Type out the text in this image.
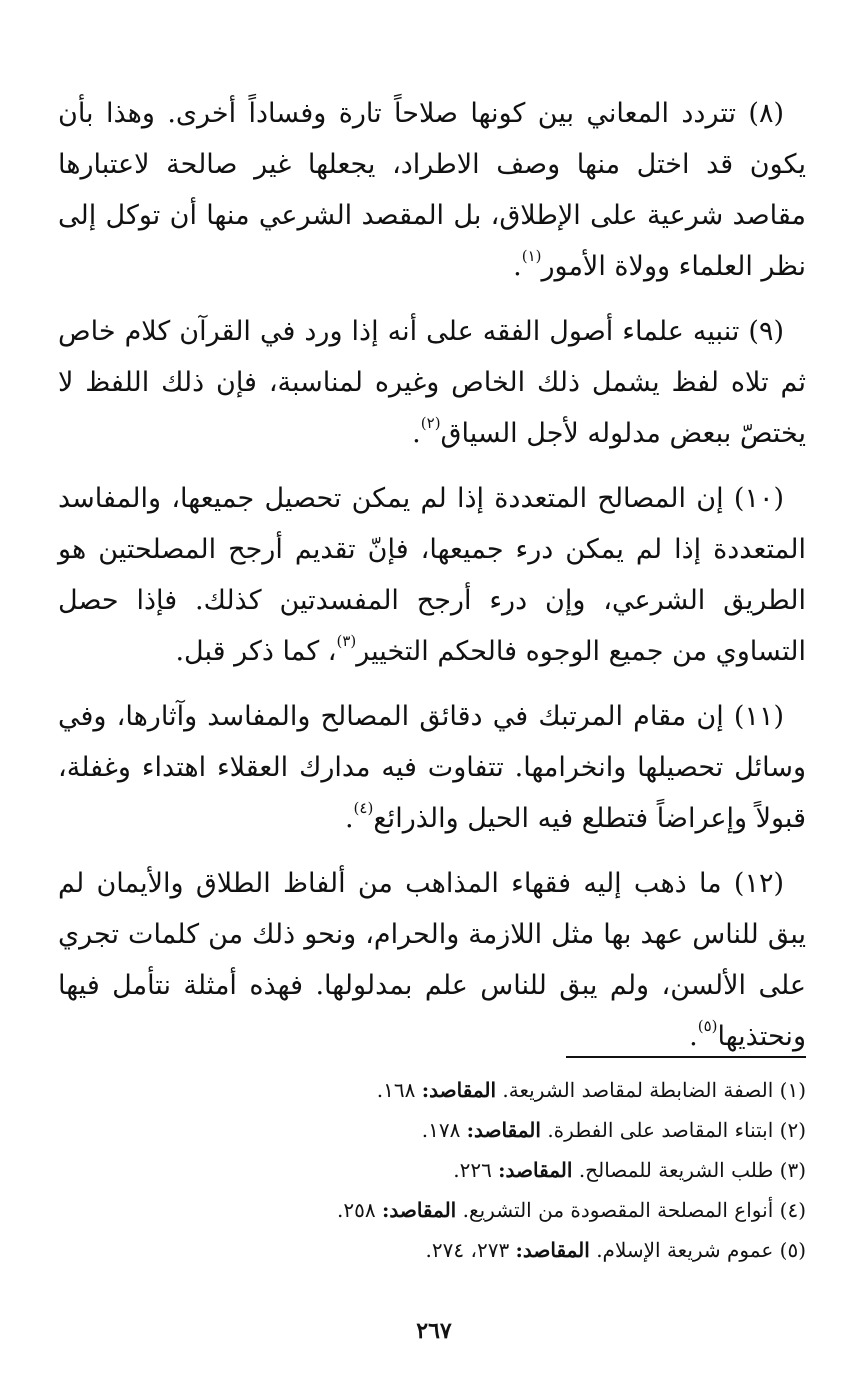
(٨) تتردد المعاني بين كونها صلاحاً تارة وفساداً أخرى. وهذا بأن يكون قد اختل منها وصف الاطراد، يجعلها غير صالحة لاعتبارها مقاصد شرعية على الإطلاق، بل المقصد الشرعي منها أن توكل إلى نظر العلماء وولاة الأمور$^{(١)}$.

(٩) تنبيه علماء أصول الفقه على أنه إذا ورد في القرآن كلام خاص ثم تلاه لفظ يشمل ذلك الخاص وغيره لمناسبة، فإن ذلك اللفظ لا يختصّ ببعض مدلوله لأجل السياق$^{(٢)}$.

(١٠) إن المصالح المتعددة إذا لم يمكن تحصيل جميعها، والمفاسد المتعددة إذا لم يمكن درء جميعها، فإنّ تقديم أرجح المصلحتين هو الطريق الشرعي، وإن درء أرجح المفسدتين كذلك. فإذا حصل التساوي من جميع الوجوه فالحكم التخيير$^{(٣)}$، كما ذكر قبل.

(١١) إن مقام المرتبك في دقائق المصالح والمفاسد وآثارها، وفي وسائل تحصيلها وانخرامها. تتفاوت فيه مدارك العقلاء اهتداء وغفلة، قبولاً وإعراضاً فتطلع فيه الحيل والذرائع$^{(٤)}$.

(١٢) ما ذهب إليه فقهاء المذاهب من ألفاظ الطلاق والأيمان لم يبق للناس عهد بها مثل اللازمة والحرام، ونحو ذلك من كلمات تجري على الألسن، ولم يبق للناس علم بمدلولها. فهذه أمثلة نتأمل فيها ونحتذيها$^{(٥)}$.

(١) الصفة الضابطة لمقاصد الشريعة. المقاصد: ١٦٨.

(٢) ابتناء المقاصد على الفطرة. المقاصد: ١٧٨.

(٣) طلب الشريعة للمصالح. المقاصد: ٢٢٦.

(٤) أنواع المصلحة المقصودة من التشريع. المقاصد: ٢٥٨.

(٥) عموم شريعة الإسلام. المقاصد: ٢٧٣، ٢٧٤.

٢٦٧
